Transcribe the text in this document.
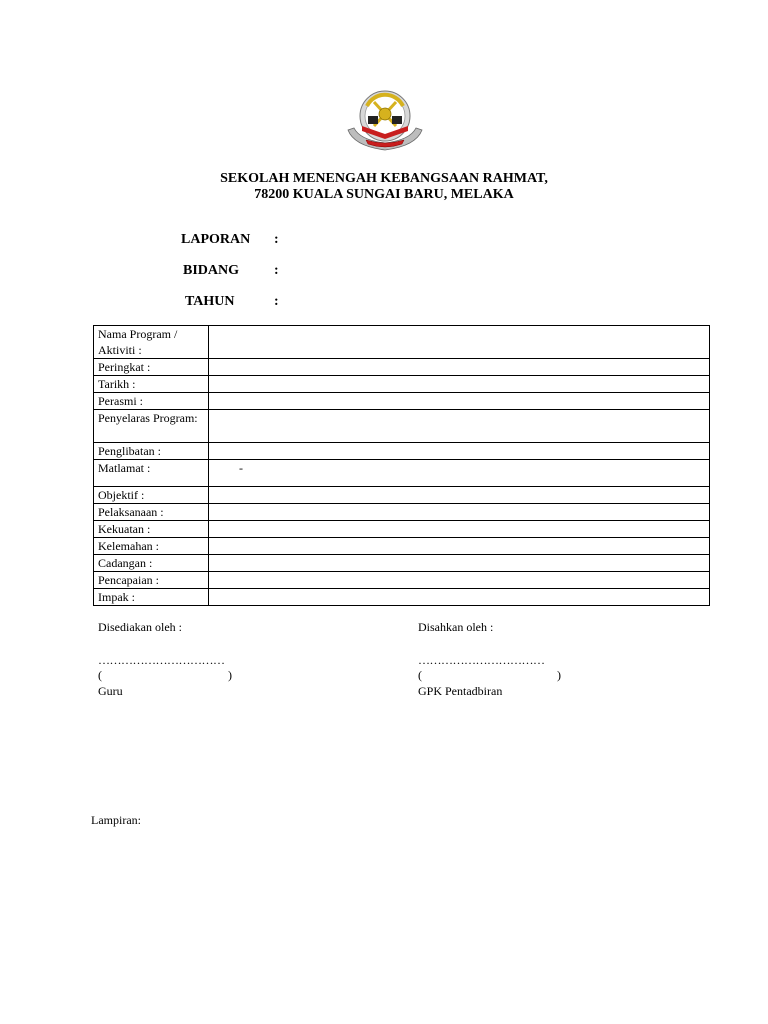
SEKOLAH MENENGAH KEBANGSAAN RAHMAT,
78200 KUALA SUNGAI BARU, MELAKA
LAPORAN :
BIDANG :
TAHUN	:
Nama Program / Aktiviti :	
Peringkat :	
Tarikh :	
Perasmi :	
Penyelaras Program:	
Penglibatan :	
Matlamat :	-
Objektif :	
Pelaksanaan :	
Kekuatan :	
Kelemahan :	
Cadangan :	
Pencapaian :	
Impak :	
Disediakan oleh :
……………………………
(	)
Guru
Disahkan oleh :
……………………………
(	)
GPK Pentadbiran
Lampiran:
